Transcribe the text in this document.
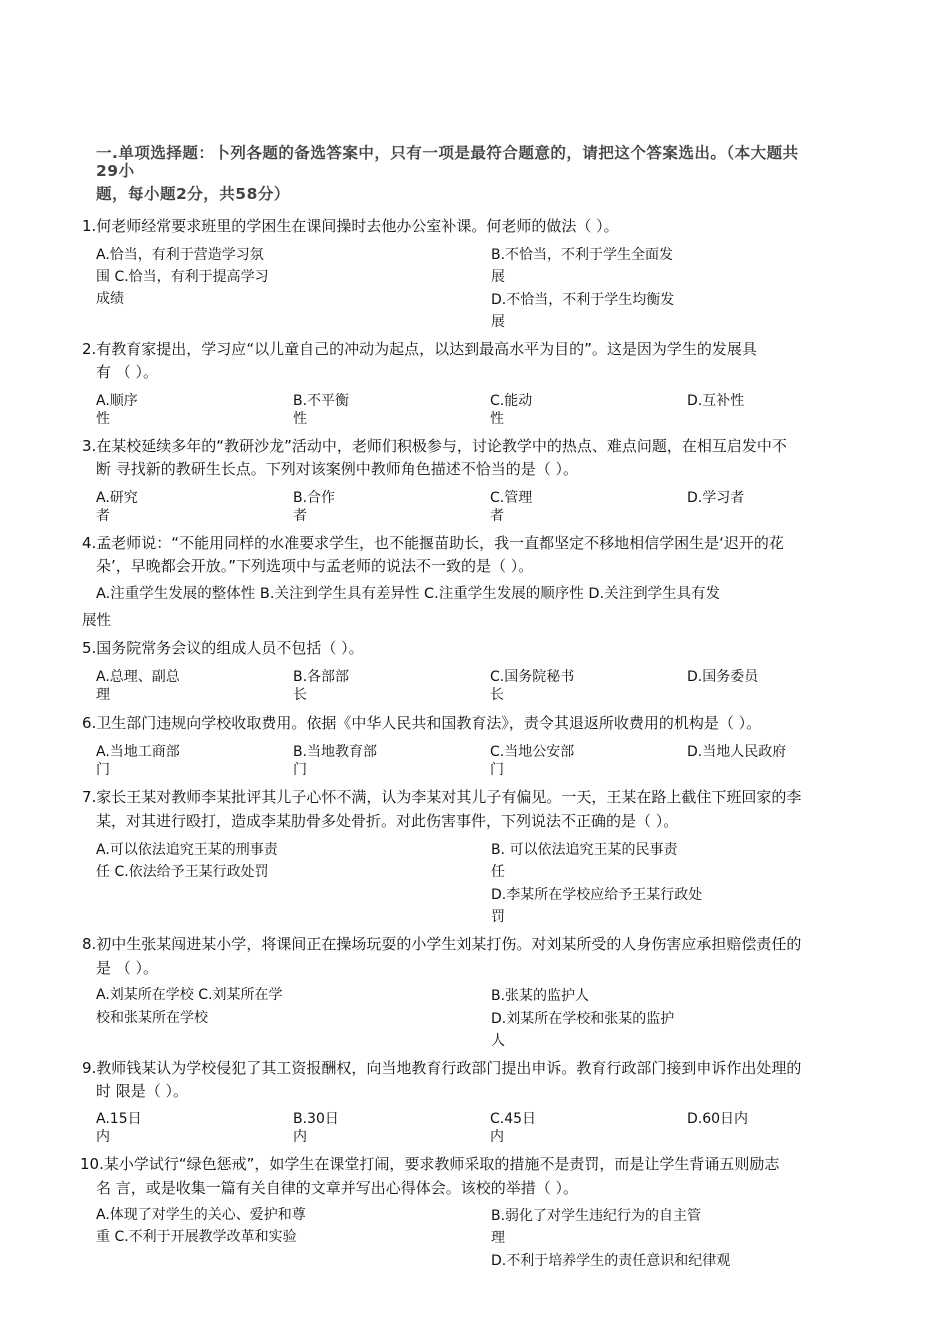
一.单项选择题：卜列各题的备选答案中，只有一项是最符合题意的，请把这个答案选出。（本大题共
29小
题，每小题2分，共58分）
1.何老师经常要求班里的学困生在课间操时去他办公室补课。何老师的做法（ ）。
A.恰当，有利于营造学习氛
围 C.恰当，有利于提高学习
成绩
B.不恰当，不利于学生全面发
展
D.不恰当，不利于学生均衡发
展
2.有教育家提出，学习应“以儿童自己的冲动为起点，以达到最高水平为目的”。这是因为学生的发展具
有 （ ）。
A.顺序
性
B.不平衡
性
C.能动
性
D.互补性
3.在某校延续多年的“教研沙龙”活动中，老师们积极参与，讨论教学中的热点、难点问题，在相互启发中不
断 寻找新的教研生长点。下列对该案例中教师角色描述不恰当的是（ ）。
A.研究
者
B.合作
者
C.管理
者
D.学习者
4.孟老师说：“不能用同样的水准要求学生，也不能揠苗助长，我一直都坚定不移地相信学困生是‘迟开的花
朵’，早晚都会开放。”下列选项中与孟老师的说法不一致的是（ ）。
A.注重学生发展的整体性 B.关注到学生具有差异性 C.注重学生发展的顺序性 D.关注到学生具有发
展性
5.国务院常务会议的组成人员不包括（ ）。
A.总理、副总
理
B.各部部
长
C.国务院秘书
长
D.国务委员
6.卫生部门违规向学校收取费用。依据《中华人民共和国教育法》，责令其退返所收费用的机构是（ ）。
A.当地工商部
门
B.当地教育部
门
C.当地公安部
门
D.当地人民政府
7.家长王某对教师李某批评其儿子心怀不满，认为李某对其儿子有偏见。一天，王某在路上截住下班回家的李
某，对其进行殴打，造成李某肋骨多处骨折。对此伤害事件，下列说法不正确的是（ ）。
A.可以依法追究王某的刑事责
任 C.依法给予王某行政处罚
B. 可以依法追究王某的民事责
任
D.李某所在学校应给予王某行政处
罚
8.初中生张某闯进某小学，将课间正在操场玩耍的小学生刘某打伤。对刘某所受的人身伤害应承担赔偿责任的
是 （ ）。
A.刘某所在学校 C.刘某所在学
校和张某所在学校
B.张某的监护人
D.刘某所在学校和张某的监护
人
9.教师钱某认为学校侵犯了其工资报酬权，向当地教育行政部门提出申诉。教育行政部门接到申诉作出处理的
时 限是（ ）。
A.15日
内
B.30日
内
C.45日
内
D.60日内
10.某小学试行“绿色惩戒”，如学生在课堂打闹，要求教师采取的措施不是责罚，而是让学生背诵五则励志
名 言，或是收集一篇有关自律的文章并写出心得体会。该校的举措（ ）。
A.体现了对学生的关心、爱护和尊
重 C.不利于开展教学改革和实验
B.弱化了对学生违纪行为的自主管
理
D.不利于培养学生的责任意识和纪律观
